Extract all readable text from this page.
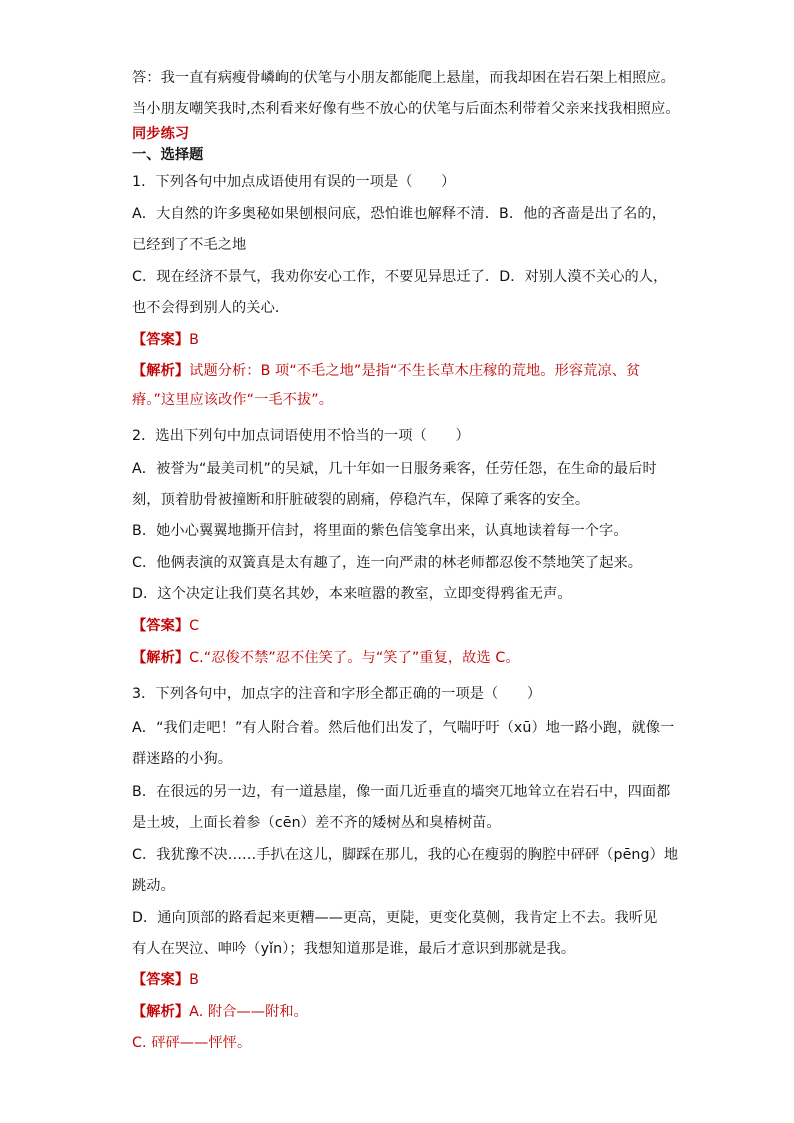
答：我一直有病瘦骨嶙峋的伏笔与小朋友都能爬上悬崖，而我却困在岩石架上相照应。

当小朋友嘲笑我时,杰利看来好像有些不放心的伏笔与后面杰利带着父亲来找我相照应。

同步练习

一、选择题

1．下列各句中加点成语使用有误的一项是（　　）

A．大自然的许多奥秘如果刨根问底，恐怕谁也解释不清．B．他的吝啬是出了名的，

已经到了不毛之地

C．现在经济不景气，我劝你安心工作，不要见异思迁了．D．对别人漠不关心的人，

也不会得到别人的关心．

【答案】B

【解析】试题分析：B 项“不毛之地”是指“不生长草木庄稼的荒地。形容荒凉、贫

瘠。”这里应该改作“一毛不拔”。

2．选出下列句中加点词语使用不恰当的一项（　　）

A．被誉为“最美司机”的吴斌，几十年如一日服务乘客，任劳任怨，在生命的最后时

刻，顶着肋骨被撞断和肝脏破裂的剧痛，停稳汽车，保障了乘客的安全。

B．她小心翼翼地撕开信封，将里面的紫色信笺拿出来，认真地读着每一个字。

C．他俩表演的双簧真是太有趣了，连一向严肃的林老师都忍俊不禁地笑了起来。

D．这个决定让我们莫名其妙，本来喧嚣的教室，立即变得鸦雀无声。

【答案】C

【解析】C.“忍俊不禁”忍不住笑了。与“笑了”重复，故选 C。

3．下列各句中，加点字的注音和字形全都正确的一项是（　　）

A．“我们走吧！”有人附合着。然后他们出发了，气喘吁吁（xū）地一路小跑，就像一

群迷路的小狗。

B．在很远的另一边，有一道悬崖，像一面几近垂直的墙突兀地耸立在岩石中，四面都

是土坡，上面长着参（cēn）差不齐的矮树丛和臭椿树苗。

C．我犹豫不决……手扒在这儿，脚踩在那儿，我的心在瘦弱的胸腔中砰砰（pēng）地

跳动。

D．通向顶部的路看起来更糟——更高，更陡，更变化莫侧，我肯定上不去。我听见

有人在哭泣、呻吟（yǐn）；我想知道那是谁，最后才意识到那就是我。

【答案】B

【解析】A. 附合——附和。

C. 砰砰——怦怦。
